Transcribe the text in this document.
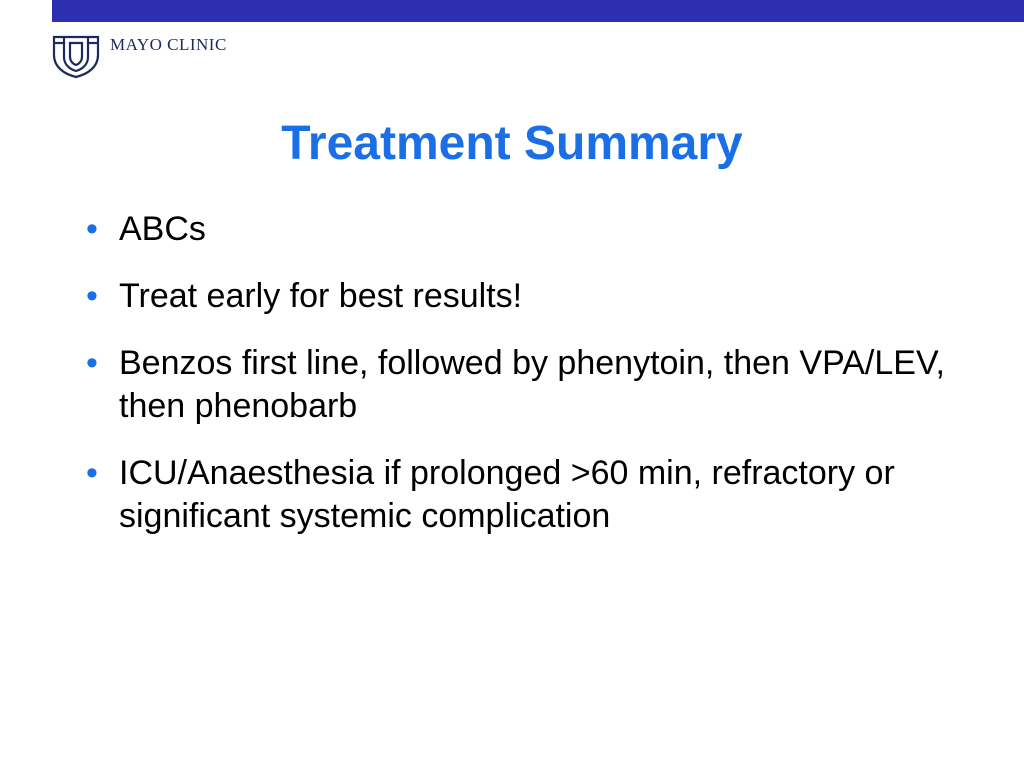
MAYO CLINIC
Treatment Summary
• ABCs
• Treat early for best results!
• Benzos first line, followed by phenytoin, then VPA/LEV, then phenobarb
• ICU/Anaesthesia if prolonged >60 min, refractory or significant systemic complication
